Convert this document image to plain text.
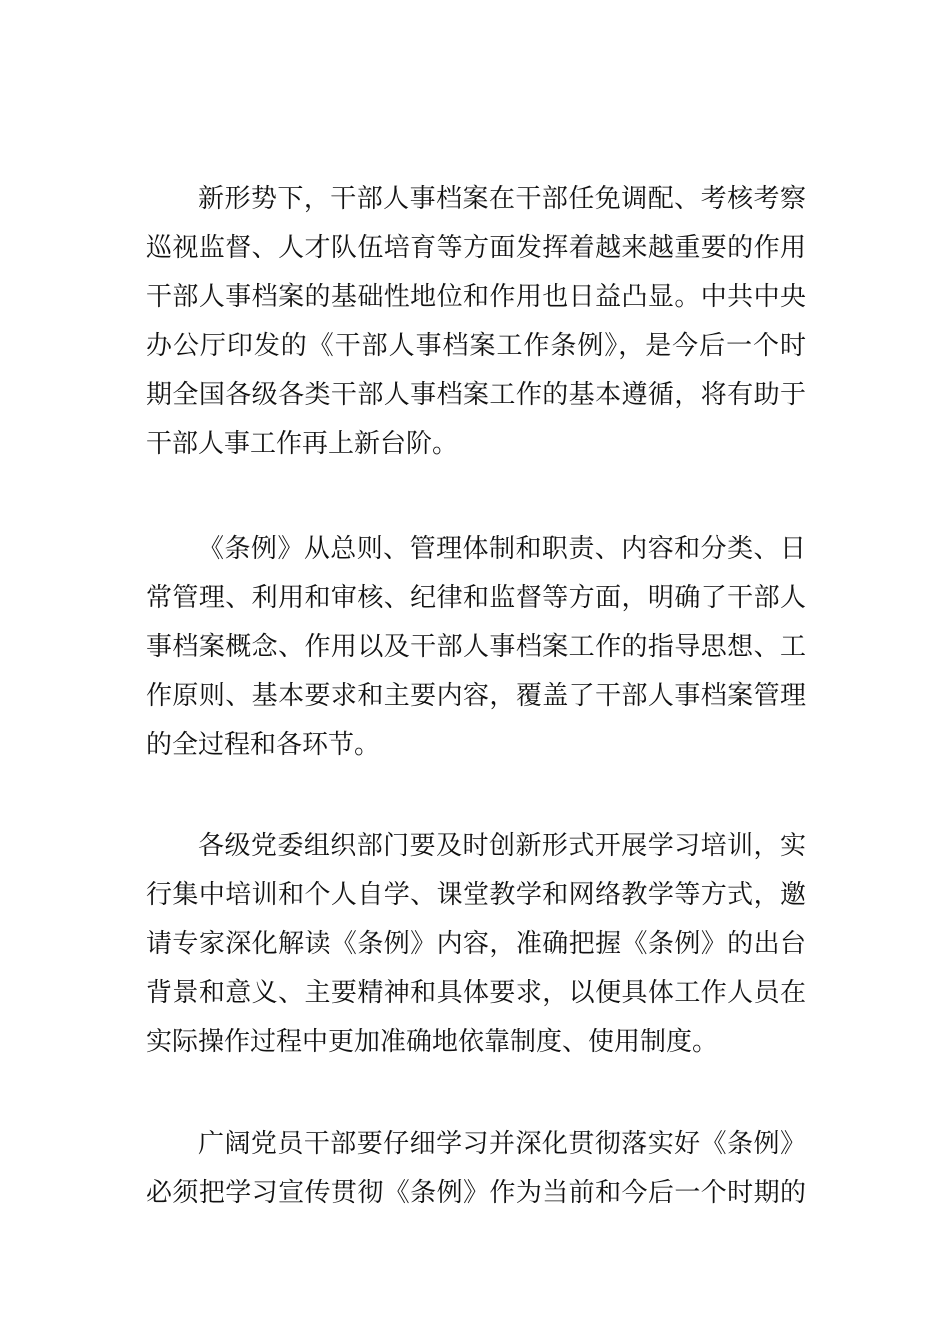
新形势下，干部人事档案在干部任免调配、考核考察
巡视监督、人才队伍培育等方面发挥着越来越重要的作用
干部人事档案的基础性地位和作用也日益凸显。中共中央
办公厅印发的《干部人事档案工作条例》，是今后一个时
期全国各级各类干部人事档案工作的基本遵循，将有助于
干部人事工作再上新台阶。
《条例》从总则、管理体制和职责、内容和分类、日
常管理、利用和审核、纪律和监督等方面，明确了干部人
事档案概念、作用以及干部人事档案工作的指导思想、工
作原则、基本要求和主要内容，覆盖了干部人事档案管理
的全过程和各环节。
各级党委组织部门要及时创新形式开展学习培训，实
行集中培训和个人自学、课堂教学和网络教学等方式，邀
请专家深化解读《条例》内容，准确把握《条例》的出台
背景和意义、主要精神和具体要求，以便具体工作人员在
实际操作过程中更加准确地依靠制度、使用制度。
广阔党员干部要仔细学习并深化贯彻落实好《条例》
必须把学习宣传贯彻《条例》作为当前和今后一个时期的
